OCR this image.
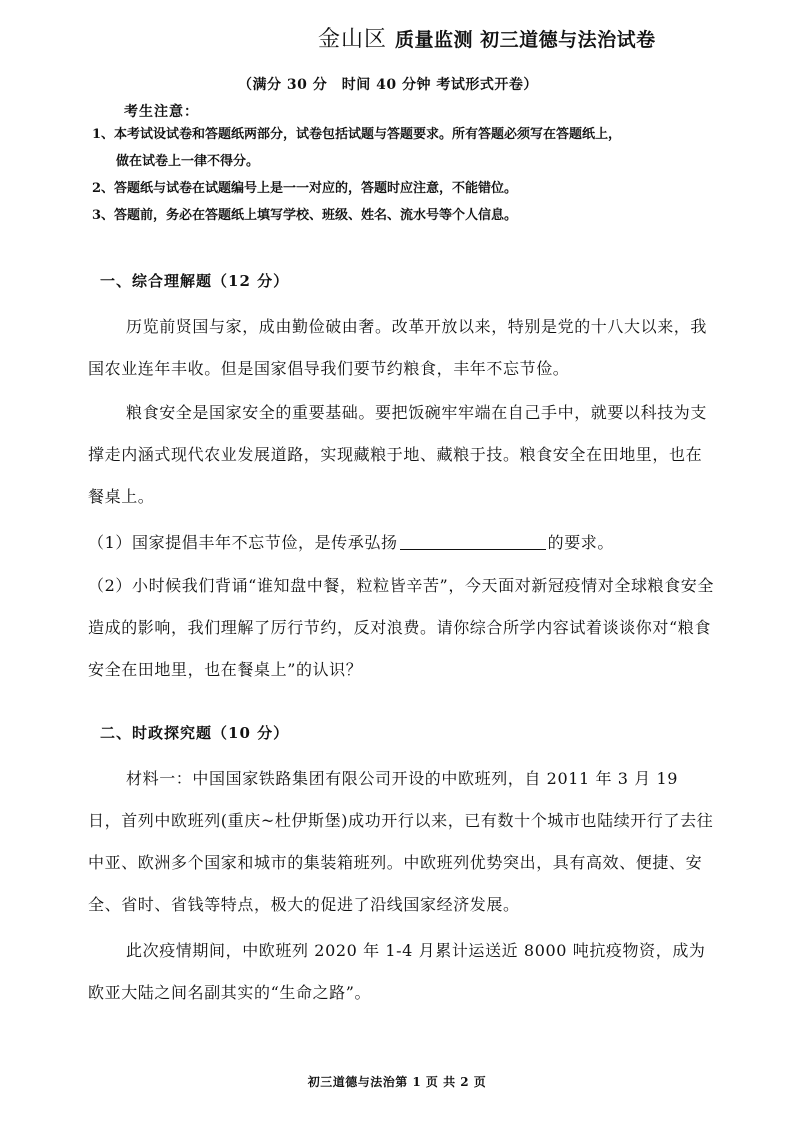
金山区 质量监测 初三道德与法治试卷
（满分 30 分　时间 40 分钟 考试形式开卷）
考生注意：
1、本考试设试卷和答题纸两部分，试卷包括试题与答题要求。所有答题必须写在答题纸上，
做在试卷上一律不得分。
2、答题纸与试卷在试题编号上是一一对应的，答题时应注意，不能错位。
3、答题前，务必在答题纸上填写学校、班级、姓名、流水号等个人信息。
一、综合理解题（12 分）

历览前贤国与家，成由勤俭破由奢。改革开放以来，特别是党的十八大以来，我国农业连年丰收。但是国家倡导我们要节约粮食，丰年不忘节俭。

粮食安全是国家安全的重要基础。要把饭碗牢牢端在自己手中，就要以科技为支撑走内涵式现代农业发展道路，实现藏粮于地、藏粮于技。粮食安全在田地里，也在餐桌上。

（1）国家提倡丰年不忘节俭，是传承弘扬	的要求。

（2）小时候我们背诵“谁知盘中餐，粒粒皆辛苦”，今天面对新冠疫情对全球粮食安全造成的影响，我们理解了厉行节约，反对浪费。请你综合所学内容试着谈谈你对“粮食安全在田地里，也在餐桌上”的认识？

二、时政探究题（10 分）

材料一：中国国家铁路集团有限公司开设的中欧班列，自 2011 年 3 月 19 日，首列中欧班列(重庆~杜伊斯堡)成功开行以来，已有数十个城市也陆续开行了去往中亚、欧洲多个国家和城市的集装箱班列。中欧班列优势突出，具有高效、便捷、安全、省时、省钱等特点，极大的促进了沿线国家经济发展。

此次疫情期间，中欧班列 2020 年 1-4 月累计运送近 8000 吨抗疫物资，成为欧亚大陆之间名副其实的“生命之路”。

初三道德与法治第 1 页 共 2 页
